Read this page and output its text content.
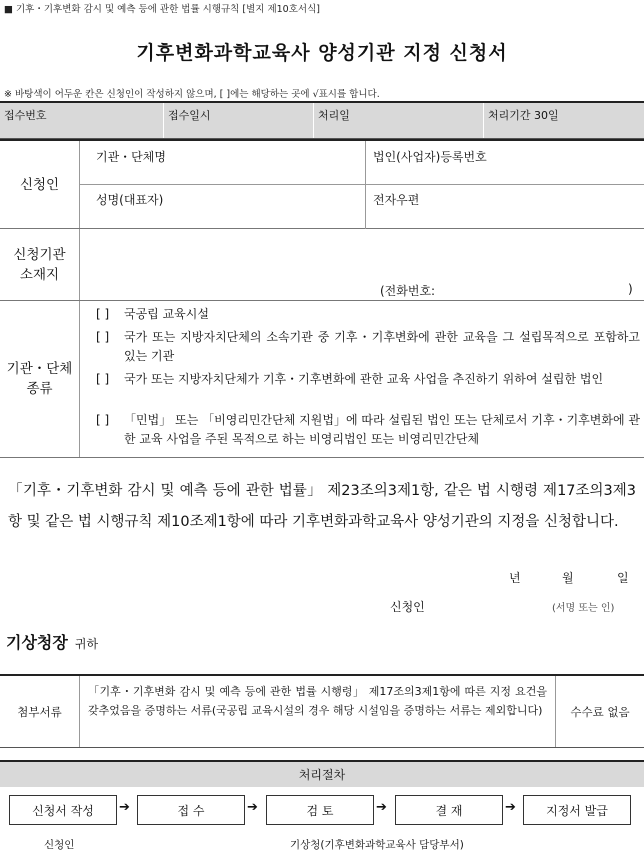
■ 기후・기후변화 감시 및 예측 등에 관한 법률 시행규칙 [별지 제10호서식]
기후변화과학교육사 양성기관 지정 신청서
※ 바탕색이 어두운 칸은 신청인이 작성하지 않으며, [ ]에는 해당하는 곳에 √표시를 합니다.
접수번호	접수일시	처리일	처리기간 30일
신청인
기관・단체명	법인(사업자)등록번호
성명(대표자)	전자우편
신청기관
소재지
(전화번호:	)
기관・단체
종류
[ ] 국공립 교육시설
[ ] 국가 또는 지방자치단체의 소속기관 중 기후・기후변화에 관한 교육을 그 설립목적으로 포함하고 있는 기관
[ ] 국가 또는 지방자치단체가 기후・기후변화에 관한 교육 사업을 추진하기 위하여 설립한 법인
[ ] 「민법」 또는 「비영리민간단체 지원법」에 따라 설립된 법인 또는 단체로서 기후・기후변화에 관한 교육 사업을 주된 목적으로 하는 비영리법인 또는 비영리민간단체
「기후・기후변화 감시 및 예측 등에 관한 법률」 제23조의3제1항, 같은 법 시행령 제17조의3제3항 및 같은 법 시행규칙 제10조제1항에 따라 기후변화과학교육사 양성기관의 지정을 신청합니다.
년	월	일
신청인	(서명 또는 인)
기상청장 귀하
첨부서류
「기후・기후변화 감시 및 예측 등에 관한 법률 시행령」 제17조의3제1항에 따른 지정 요건을 갖추었음을 증명하는 서류(국공립 교육시설의 경우 해당 시설임을 증명하는 서류는 제외합니다)	수수료 없음
처리절차
신청서 작성	➔	접 수	➔	검 토	➔	결 재	➔	지정서 발급
신청인	기상청(기후변화과학교육사 담당부서)
